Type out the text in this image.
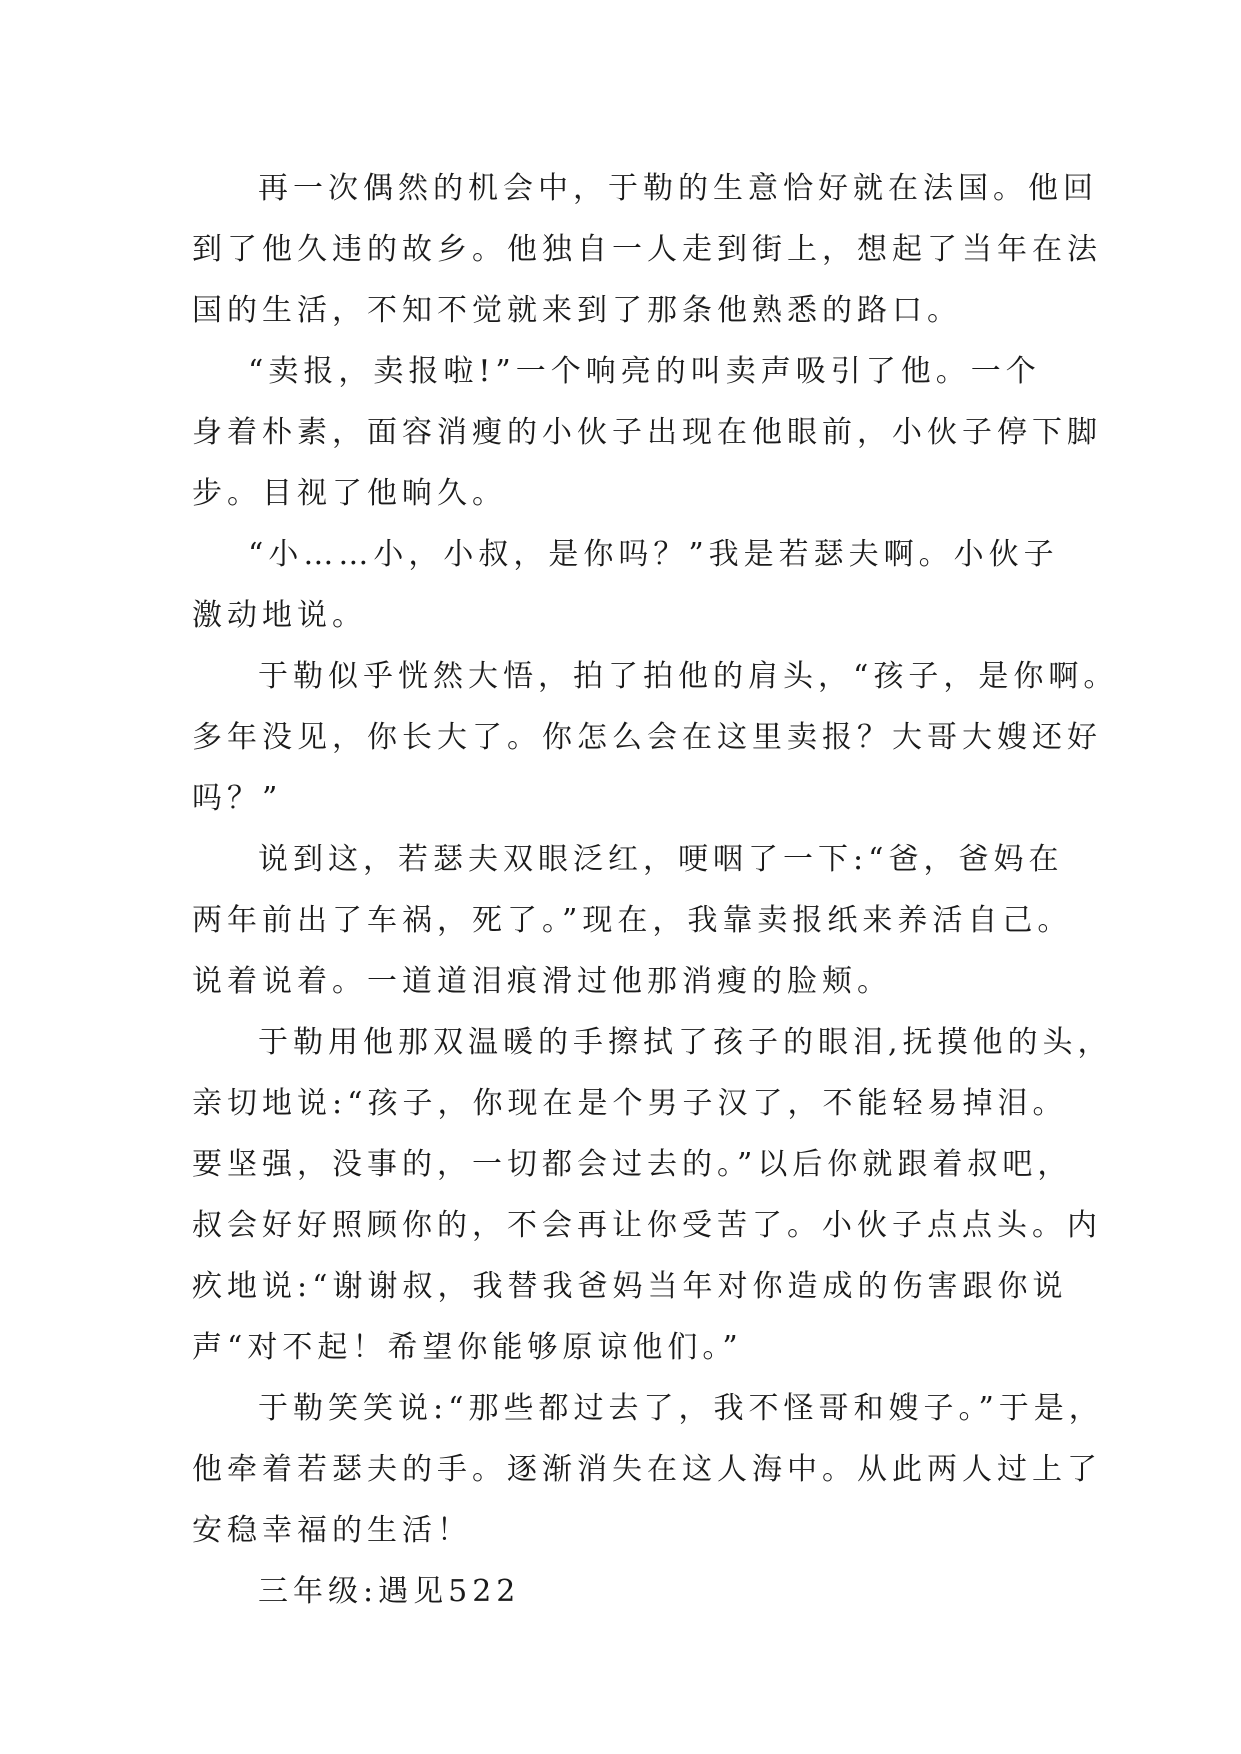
再一次偶然的机会中，于勒的生意恰好就在法国。他回
到了他久违的故乡。他独自一人走到街上，想起了当年在法
国的生活，不知不觉就来到了那条他熟悉的路口。

“卖报，卖报啦!”一个响亮的叫卖声吸引了他。一个
身着朴素，面容消瘦的小伙子出现在他眼前，小伙子停下脚
步。目视了他晌久。

“小……小，小叔，是你吗？”我是若瑟夫啊。小伙子
激动地说。

于勒似乎恍然大悟，拍了拍他的肩头，“孩子，是你啊。
多年没见，你长大了。你怎么会在这里卖报？大哥大嫂还好
吗？”

说到这，若瑟夫双眼泛红，哽咽了一下:“爸，爸妈在
两年前出了车祸，死了。”现在，我靠卖报纸来养活自己。
说着说着。一道道泪痕滑过他那消瘦的脸颊。

于勒用他那双温暖的手擦拭了孩子的眼泪,抚摸他的头，
亲切地说:“孩子，你现在是个男子汉了，不能轻易掉泪。
要坚强，没事的，一切都会过去的。”以后你就跟着叔吧，
叔会好好照顾你的，不会再让你受苦了。小伙子点点头。内
疚地说:“谢谢叔，我替我爸妈当年对你造成的伤害跟你说
声“对不起！希望你能够原谅他们。”

于勒笑笑说:“那些都过去了，我不怪哥和嫂子。”于是，
他牵着若瑟夫的手。逐渐消失在这人海中。从此两人过上了
安稳幸福的生活！

三年级:遇见522
